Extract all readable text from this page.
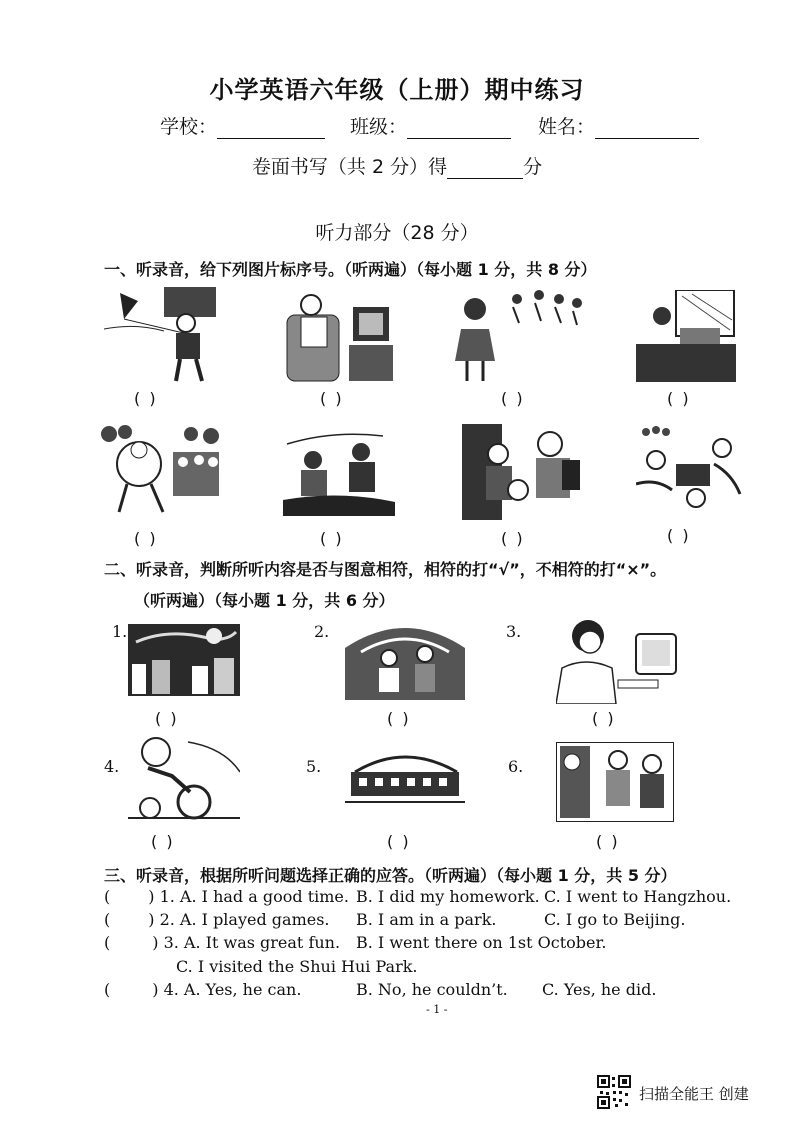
小学英语六年级（上册）期中练习
学校：	班级：	姓名：
卷面书写（共 2 分）得	分
听力部分（28 分）
一、听录音，给下列图片标序号。（听两遍）（每小题 1 分，共 8 分）
( )	( )	( )	( )
( )	( )	( )	( )
二、听录音，判断所听内容是否与图意相符，相符的打“√”，不相符的打“×”。
（听两遍）（每小题 1 分，共 6 分）
1.	2.	3.
( )	( )	( )
4.	5.	6.
( )	( )	( )
三、听录音，根据所听问题选择正确的应答。（听两遍）（每小题 1 分，共 5 分）
( ) 1. A. I had a good time. B. I did my homework. C. I went to Hangzhou.
( ) 2. A. I played games. B. I am in a park.	C. I go to Beijing.
(	) 3. A. It was great fun. B. I went there on 1st October.
C. I visited the Shui Hui Park.
(	) 4. A. Yes, he can.	B. No, he couldn’t. C. Yes, he did.
- 1 -
扫描全能王 创建
